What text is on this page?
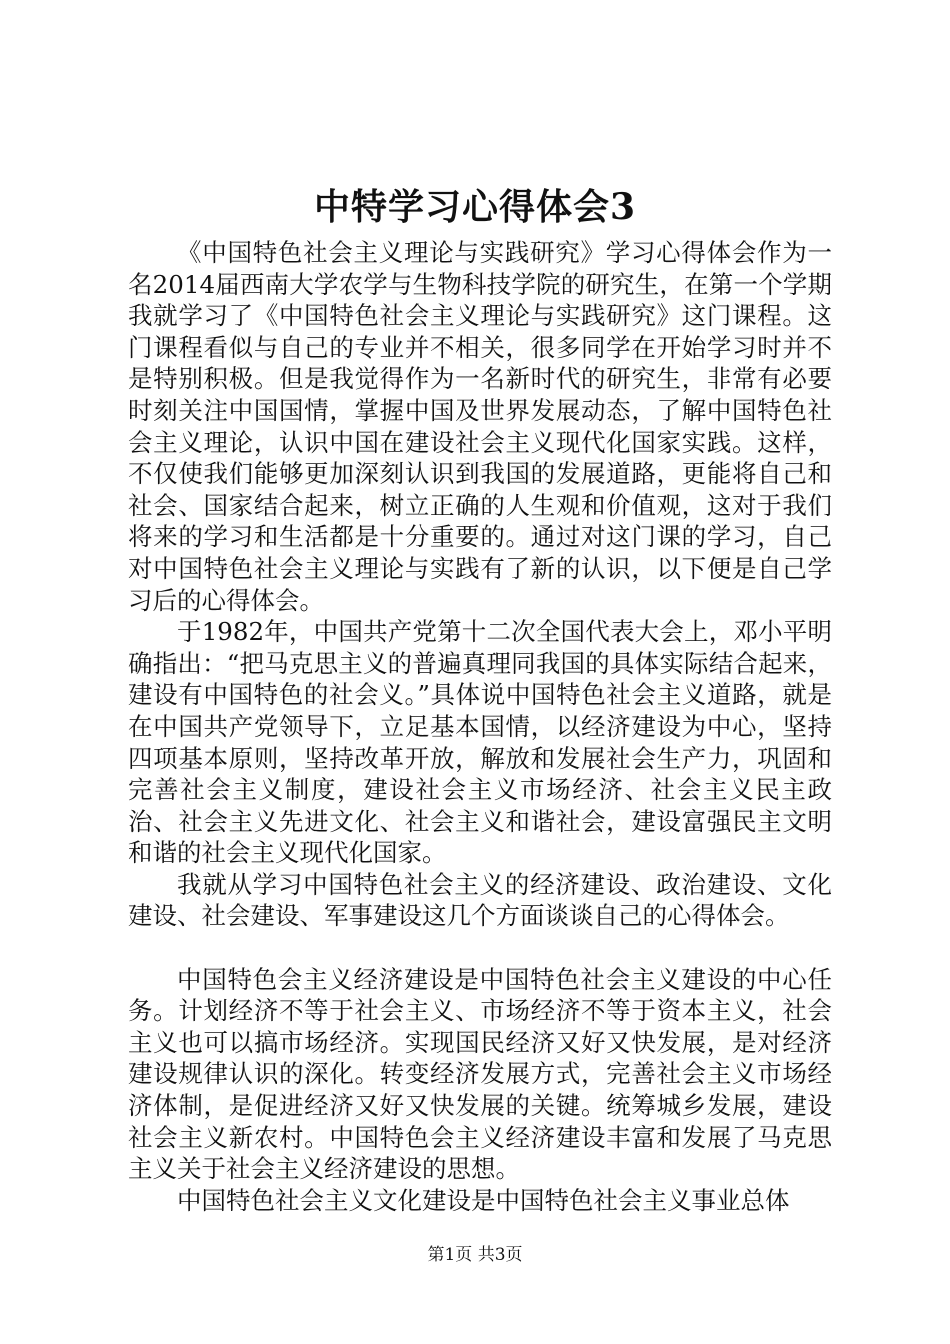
中特学习心得体会3

《中国特色社会主义理论与实践研究》学习心得体会作为一名2014届西南大学农学与生物科技学院的研究生，在第一个学期我就学习了《中国特色社会主义理论与实践研究》这门课程。这门课程看似与自己的专业并不相关，很多同学在开始学习时并不是特别积极。但是我觉得作为一名新时代的研究生，非常有必要时刻关注中国国情，掌握中国及世界发展动态，了解中国特色社会主义理论，认识中国在建设社会主义现代化国家实践。这样，不仅使我们能够更加深刻认识到我国的发展道路，更能将自己和社会、国家结合起来，树立正确的人生观和价值观，这对于我们将来的学习和生活都是十分重要的。通过对这门课的学习，自己对中国特色社会主义理论与实践有了新的认识，以下便是自己学习后的心得体会。

于1982年，中国共产党第十二次全国代表大会上，邓小平明确指出：“把马克思主义的普遍真理同我国的具体实际结合起来，建设有中国特色的社会义。”具体说中国特色社会主义道路，就是在中国共产党领导下，立足基本国情，以经济建设为中心，坚持四项基本原则，坚持改革开放，解放和发展社会生产力，巩固和完善社会主义制度，建设社会主义市场经济、社会主义民主政治、社会主义先进文化、社会主义和谐社会，建设富强民主文明和谐的社会主义现代化国家。

我就从学习中国特色社会主义的经济建设、政治建设、文化建设、社会建设、军事建设这几个方面谈谈自己的心得体会。

中国特色会主义经济建设是中国特色社会主义建设的中心任务。计划经济不等于社会主义、市场经济不等于资本主义，社会主义也可以搞市场经济。实现国民经济又好又快发展，是对经济建设规律认识的深化。转变经济发展方式，完善社会主义市场经济体制，是促进经济又好又快发展的关键。统筹城乡发展，建设社会主义新农村。中国特色会主义经济建设丰富和发展了马克思主义关于社会主义经济建设的思想。

中国特色社会主义文化建设是中国特色社会主义事业总体

第1页 共3页
